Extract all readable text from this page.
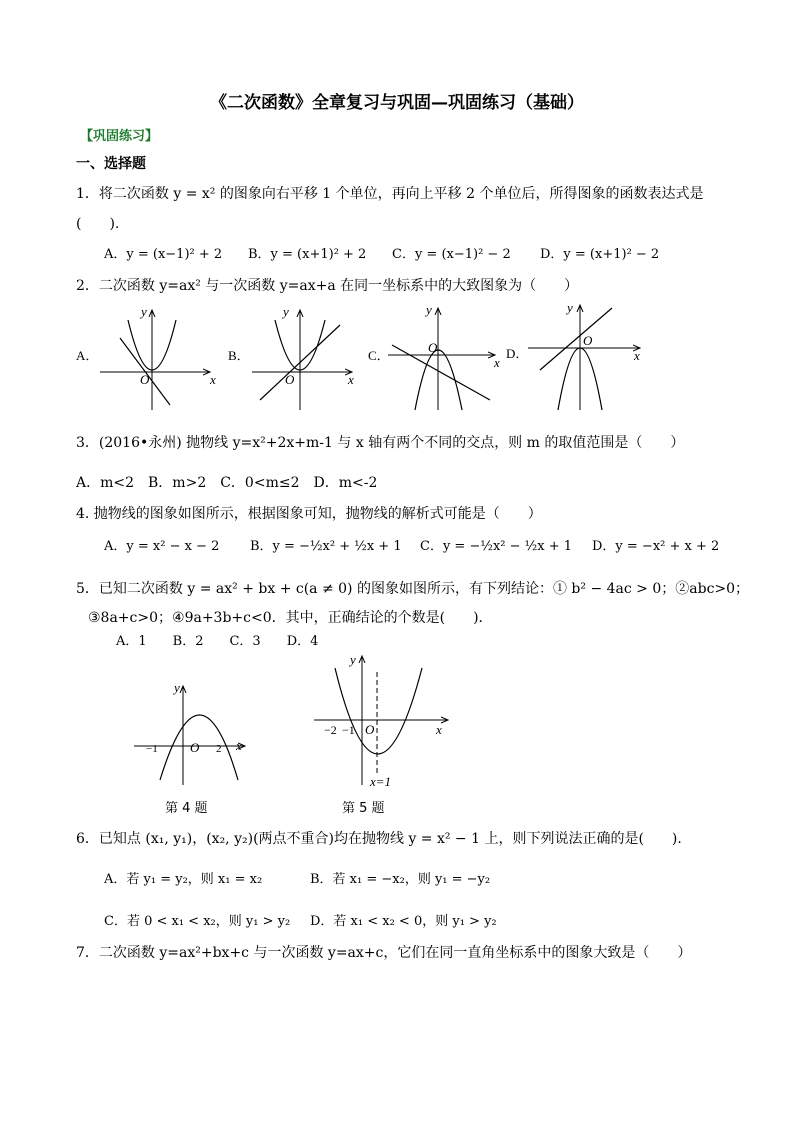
《二次函数》全章复习与巩固—巩固练习（基础）
【巩固练习】
一、选择题
1．将二次函数 y = x² 的图象向右平移 1 个单位，再向上平移 2 个单位后，所得图象的函数表达式是
(　　).
A．y = (x−1)² + 2 B．y = (x+1)² + 2 C．y = (x−1)² − 2 D．y = (x+1)² − 2
2．二次函数 y=ax² 与一次函数 y=ax+a 在同一坐标系中的大致图象为（　　）
A．
O	x
y
B．
O	x
y
C．
O
x
y
D．
O
x
y
3．(2016•永州) 抛物线 y=x²+2x+m-1 与 x 轴有两个不同的交点，则 m 的取值范围是（　　）
A．m<2　B．m>2　C．0<m≤2　D．m<-2
4. 抛物线的图象如图所示，根据图象可知，抛物线的解析式可能是（　　）
A．y = x² − x − 2 B．y = −½x² + ½x + 1 C．y = −½x² − ½x + 1 D．y = −x² + x + 2
5．已知二次函数 y = ax² + bx + c(a ≠ 0) 的图象如图所示，有下列结论：① b² − 4ac > 0；②abc>0；
③8a+c>0；④9a+3b+c<0．其中，正确结论的个数是(　　)．
A．1　　B．2　　C．3　　D．4
−1 O 2 x
y
第 4 题
−2 −1 O	x
y
x=1
第 5 题
6．已知点 (x₁, y₁)，(x₂, y₂)(两点不重合)均在抛物线 y = x² − 1 上，则下列说法正确的是(　　)．
A．若 y₁ = y₂，则 x₁ = x₂	B．若 x₁ = −x₂，则 y₁ = −y₂
C．若 0 < x₁ < x₂，则 y₁ > y₂ D．若 x₁ < x₂ < 0，则 y₁ > y₂
7．二次函数 y=ax²+bx+c 与一次函数 y=ax+c，它们在同一直角坐标系中的图象大致是（　　）
